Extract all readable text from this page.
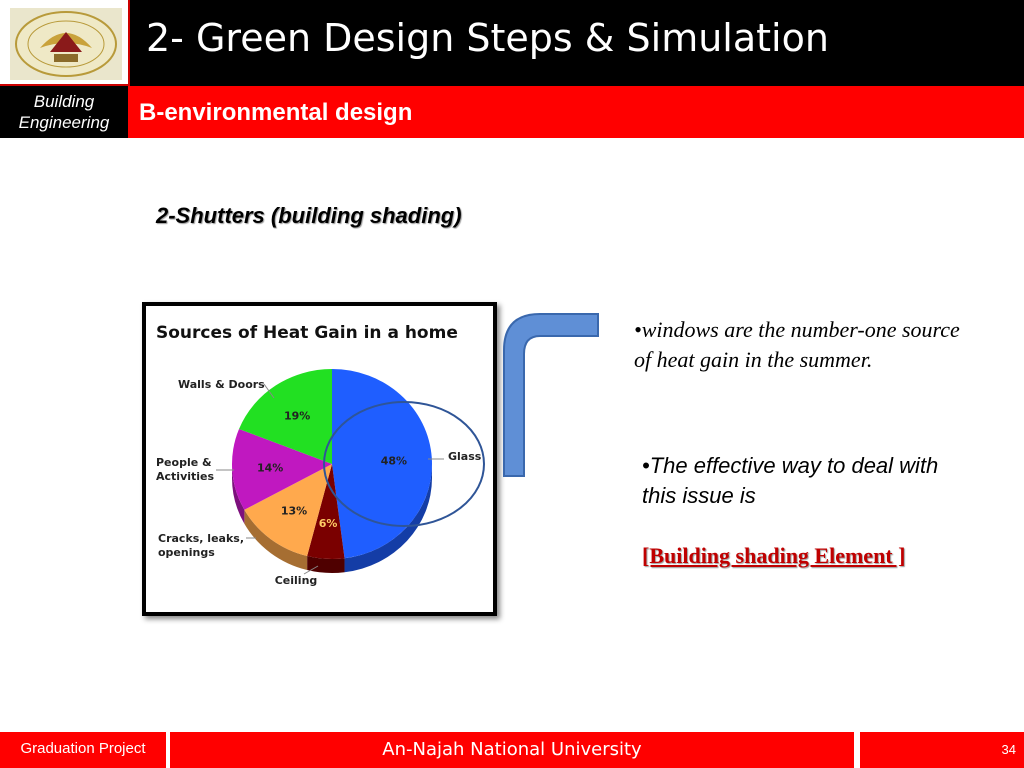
2- Green Design Steps & Simulation
Building
Engineering	B-environmental design
2-Shutters (building shading)
Sources of Heat Gain in a home
48%
6%
13%
14%
19%
Glass
Ceiling
Cracks, leaks,
openings
People &
Activities
Walls & Doors
•windows are the number-one source of heat gain in the summer.
•The effective way to deal with this issue is
[Building shading Element ]
Graduation Project	An-Najah National University	34
